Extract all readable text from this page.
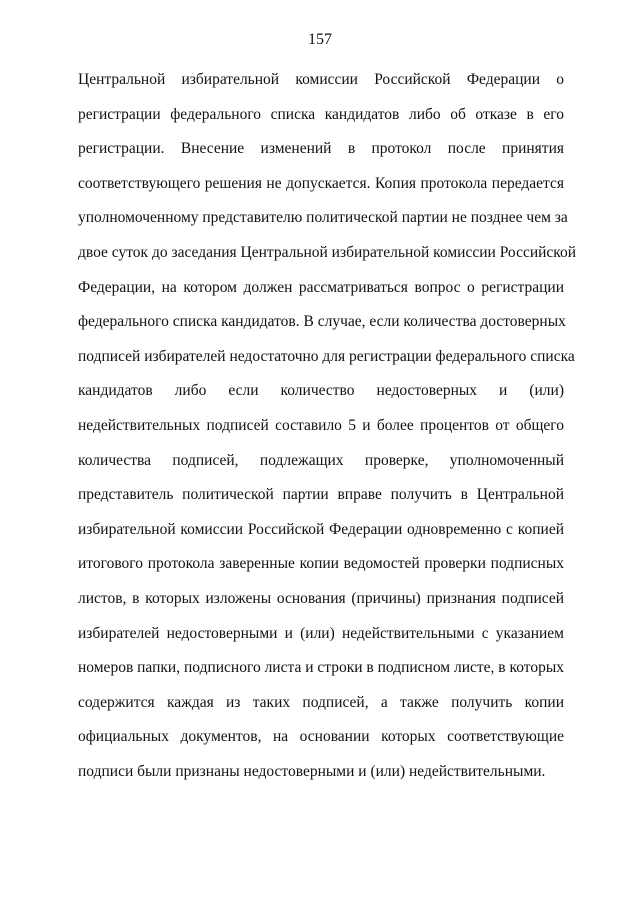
157
Центральной избирательной комиссии Российской Федерации о
регистрации федерального списка кандидатов либо об отказе в его
регистрации. Внесение изменений в протокол после принятия
соответствующего решения не допускается. Копия протокола передается
уполномоченному представителю политической партии не позднее чем за
двое суток до заседания Центральной избирательной комиссии Российской
Федерации, на котором должен рассматриваться вопрос о регистрации
федерального списка кандидатов. В случае, если количества достоверных
подписей избирателей недостаточно для регистрации федерального списка
кандидатов либо если количество недостоверных и (или)
недействительных подписей составило 5 и более процентов от общего
количества подписей, подлежащих проверке, уполномоченный
представитель политической партии вправе получить в Центральной
избирательной комиссии Российской Федерации одновременно с копией
итогового протокола заверенные копии ведомостей проверки подписных
листов, в которых изложены основания (причины) признания подписей
избирателей недостоверными и (или) недействительными с указанием
номеров папки, подписного листа и строки в подписном листе, в которых
содержится каждая из таких подписей, а также получить копии
официальных документов, на основании которых соответствующие
подписи были признаны недостоверными и (или) недействительными.
